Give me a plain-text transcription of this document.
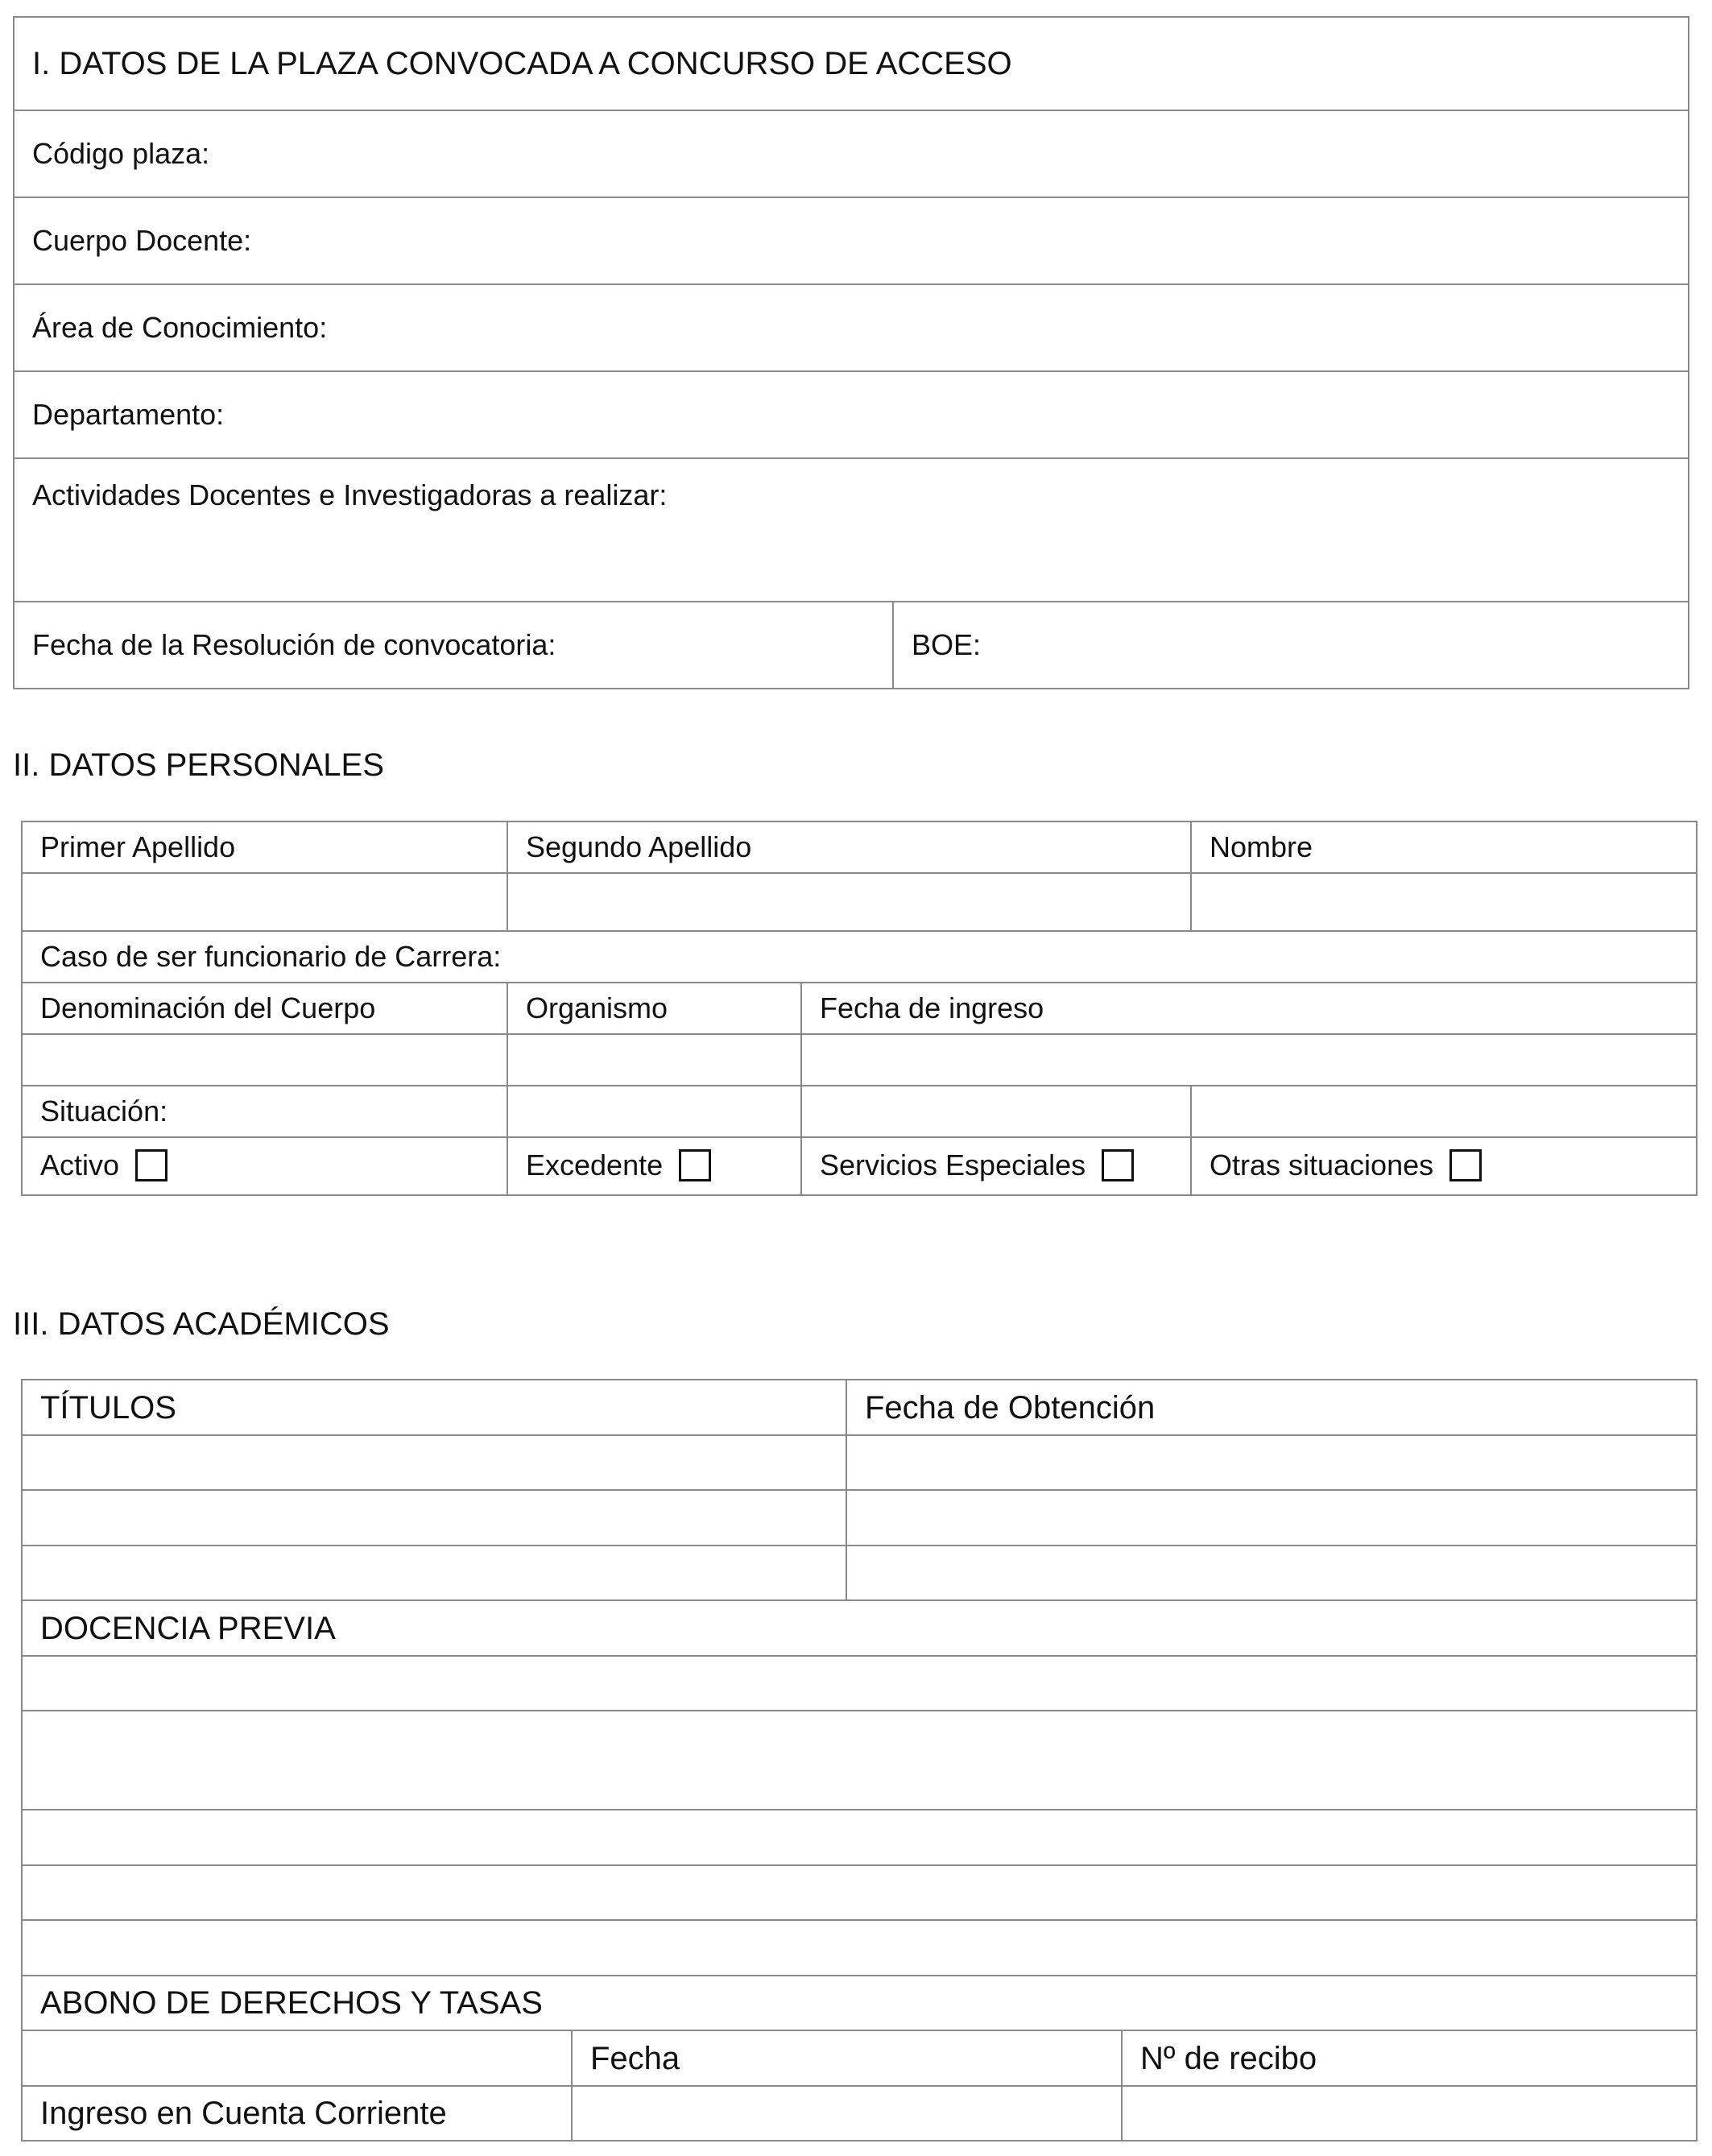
I. DATOS DE LA PLAZA CONVOCADA A CONCURSO DE ACCESO
Código plaza:
Cuerpo Docente:
Área de Conocimiento:
Departamento:
Actividades Docentes e Investigadoras a realizar:
Fecha de la Resolución de convocatoria:	BOE:
II. DATOS PERSONALES
Primer Apellido	Segundo Apellido		Nombre

Caso de ser funcionario de Carrera:			
Denominación del Cuerpo	Organismo	Fecha de ingreso	

Situación:			
Activo	Excedente	Servicios Especiales	Otras situaciones
III. DATOS ACADÉMICOS
TÍTULOS		Fecha de Obtención	

DOCENCIA PREVIA			

ABONO DE DERECHOS Y TASAS			
	Fecha		Nº de recibo
Ingreso en Cuenta Corriente			
